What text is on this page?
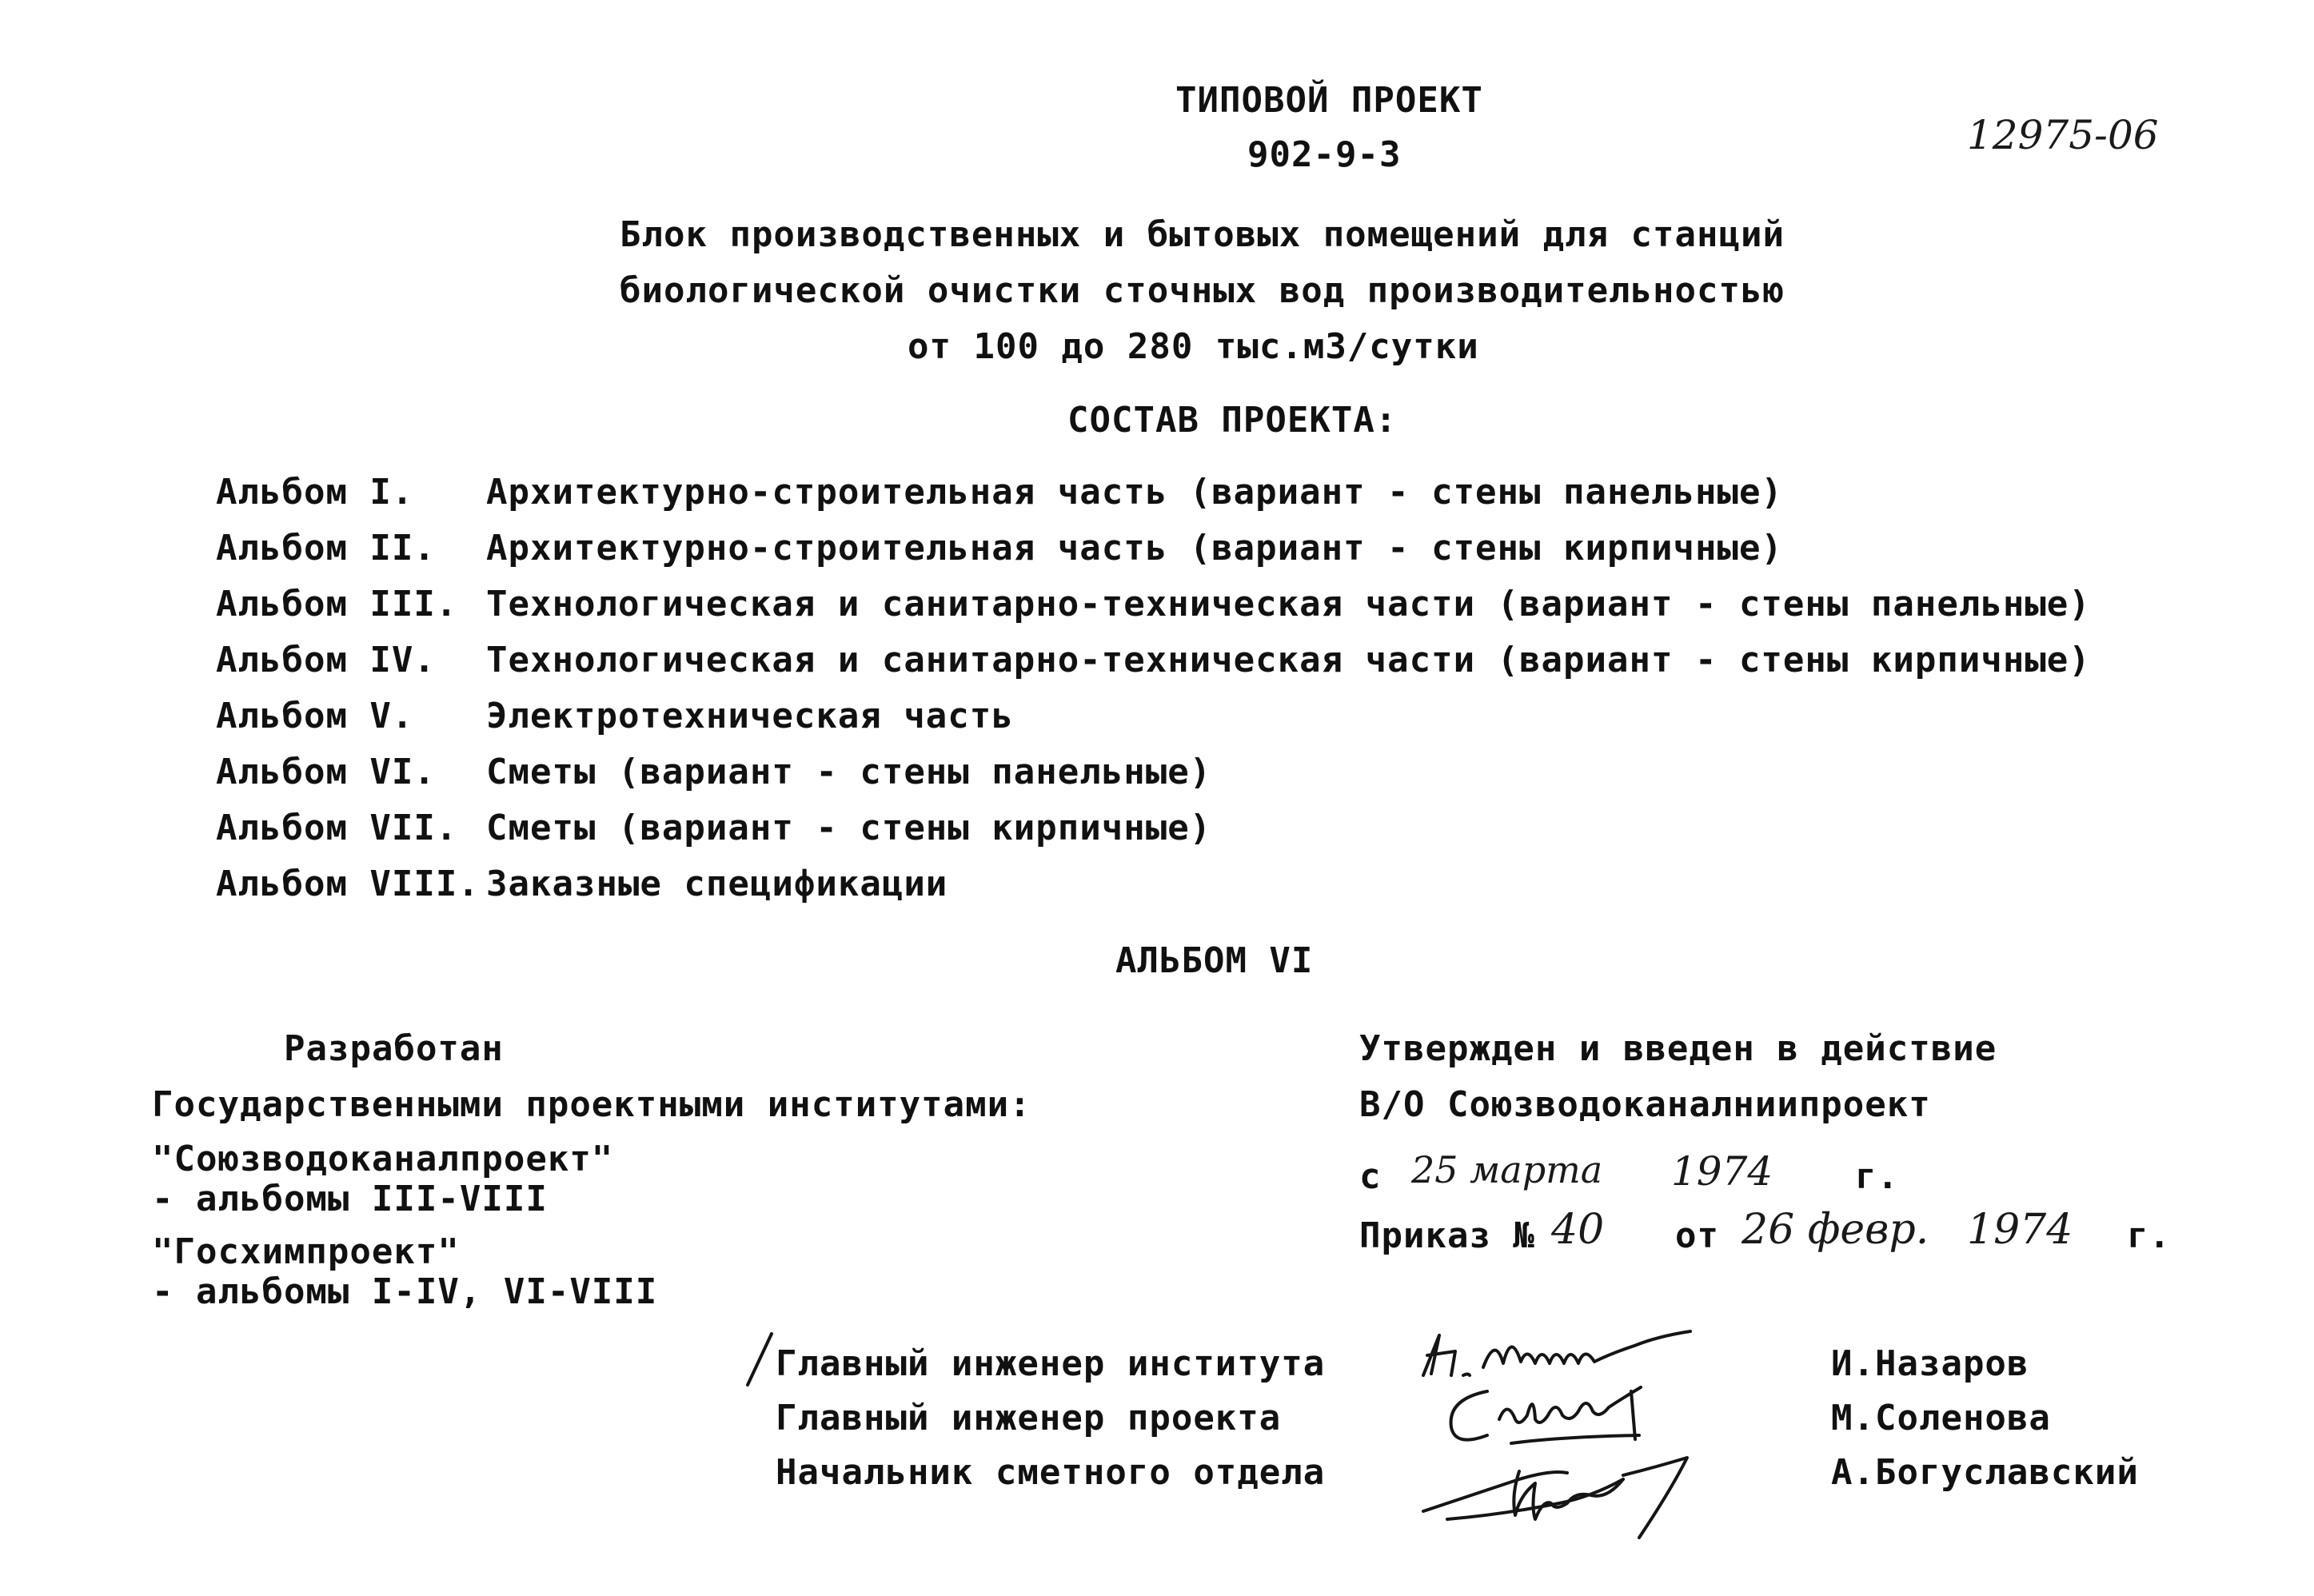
ТИПОВОЙ ПРОЕКТ
902-9-3	12975-06
Блок производственных и бытовых помещений для станций
биологической очистки сточных вод производительностью
от 100 до 280 тыс.м3/сутки
СОСТАВ ПРОЕКТА:
Альбом I. Архитектурно-строительная часть (вариант - стены панельные)
Альбом II. Архитектурно-строительная часть (вариант - стены кирпичные)
Альбом III. Технологическая и санитарно-техническая части (вариант - стены панельные)
Альбом IV. Технологическая и санитарно-техническая части (вариант - стены кирпичные)
Альбом V. Электротехническая часть
Альбом VI. Сметы (вариант - стены панельные)
Альбом VII. Сметы (вариант - стены кирпичные)
Альбом VIII. Заказные спецификации
АЛЬБОМ VI
Разработан
Государственными проектными институтами:
"Союзводоканалпроект"
- альбомы III-VIII
"Госхимпроект"
- альбомы I-IV, VI-VIII
Утвержден и введен в действие
В/О Союзводоканалниипроект
с 25 марта 1974 г.
Приказ № 40 от 26 февр. 1974 г.
Главный инженер института
Главный инженер проекта
Начальник сметного отдела
И.Назаров
М.Соленова
А.Богуславский
